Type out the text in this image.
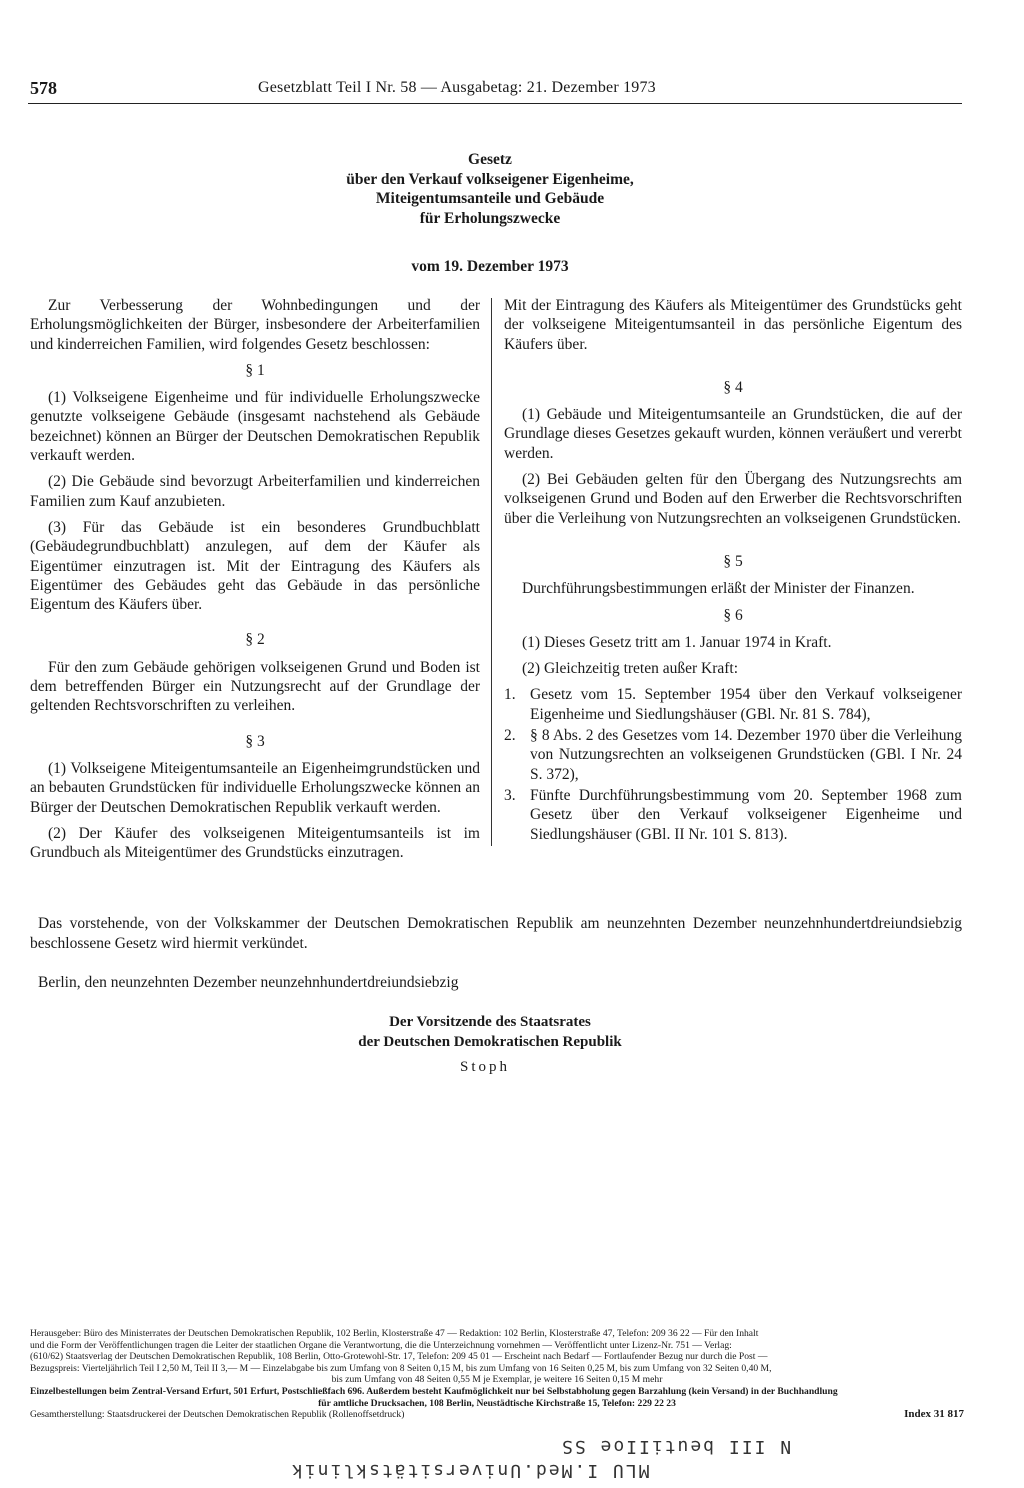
578	Gesetzblatt Teil I Nr. 58 — Ausgabetag: 21. Dezember 1973
Gesetz
über den Verkauf volkseigener Eigenheime,
Miteigentumsanteile und Gebäude
für Erholungszwecke
vom 19. Dezember 1973

Zur Verbesserung der Wohnbedingungen und der Erholungsmöglichkeiten der Bürger, insbesondere der Arbeiterfamilien und kinderreichen Familien, wird folgendes Gesetz beschlossen:

§ 1

(1) Volkseigene Eigenheime und für individuelle Erholungszwecke genutzte volkseigene Gebäude (insgesamt nachstehend als Gebäude bezeichnet) können an Bürger der Deutschen Demokratischen Republik verkauft werden.

(2) Die Gebäude sind bevorzugt Arbeiterfamilien und kinderreichen Familien zum Kauf anzubieten.

(3) Für das Gebäude ist ein besonderes Grundbuchblatt (Gebäudegrundbuchblatt) anzulegen, auf dem der Käufer als Eigentümer einzutragen ist. Mit der Eintragung des Käufers als Eigentümer des Gebäudes geht das Gebäude in das persönliche Eigentum des Käufers über.

§ 2

Für den zum Gebäude gehörigen volkseigenen Grund und Boden ist dem betreffenden Bürger ein Nutzungsrecht auf der Grundlage der geltenden Rechtsvorschriften zu verleihen.

§ 3

(1) Volkseigene Miteigentumsanteile an Eigenheimgrundstücken und an bebauten Grundstücken für individuelle Erholungszwecke können an Bürger der Deutschen Demokratischen Republik verkauft werden.

(2) Der Käufer des volkseigenen Miteigentumsanteils ist im Grundbuch als Miteigentümer des Grundstücks einzutragen.

Mit der Eintragung des Käufers als Miteigentümer des Grundstücks geht der volkseigene Miteigentumsanteil in das persönliche Eigentum des Käufers über.

§ 4

(1) Gebäude und Miteigentumsanteile an Grundstücken, die auf der Grundlage dieses Gesetzes gekauft wurden, können veräußert und vererbt werden.

(2) Bei Gebäuden gelten für den Übergang des Nutzungsrechts am volkseigenen Grund und Boden auf den Erwerber die Rechtsvorschriften über die Verleihung von Nutzungsrechten an volkseigenen Grundstücken.

§ 5

Durchführungsbestimmungen erläßt der Minister der Finanzen.

§ 6

(1) Dieses Gesetz tritt am 1. Januar 1974 in Kraft.

(2) Gleichzeitig treten außer Kraft:

1. Gesetz vom 15. September 1954 über den Verkauf volkseigener Eigenheime und Siedlungshäuser (GBl. Nr. 81 S. 784),
2. § 8 Abs. 2 des Gesetzes vom 14. Dezember 1970 über die Verleihung von Nutzungsrechten an volkseigenen Grundstücken (GBl. I Nr. 24 S. 372),
3. Fünfte Durchführungsbestimmung vom 20. September 1968 zum Gesetz über den Verkauf volkseigener Eigenheime und Siedlungshäuser (GBl. II Nr. 101 S. 813).

Das vorstehende, von der Volkskammer der Deutschen Demokratischen Republik am neunzehnten Dezember neunzehnhundertdreiundsiebzig beschlossene Gesetz wird hiermit verkündet.

Berlin, den neunzehnten Dezember neunzehnhundertdreiundsiebzig
Der Vorsitzende des Staatsrates
der Deutschen Demokratischen Republik
Stoph
Herausgeber: Büro des Ministerrates der Deutschen Demokratischen Republik, 102 Berlin, Klosterstraße 47 — Redaktion: 102 Berlin, Klosterstraße 47, Telefon: 209 36 22 — Für den Inhalt
und die Form der Veröffentlichungen tragen die Leiter der staatlichen Organe die Verantwortung, die die Unterzeichnung vornehmen — Veröffentlicht unter Lizenz-Nr. 751 — Verlag:
(610/62) Staatsverlag der Deutschen Demokratischen Republik, 108 Berlin, Otto-Grotewohl-Str. 17, Telefon: 209 45 01 — Erscheint nach Bedarf — Fortlaufender Bezug nur durch die Post —
Bezugspreis: Vierteljährlich Teil I 2,50 M, Teil II 3,— M — Einzelabgabe bis zum Umfang von 8 Seiten 0,15 M, bis zum Umfang von 16 Seiten 0,25 M, bis zum Umfang von 32 Seiten 0,40 M,
bis zum Umfang von 48 Seiten 0,55 M je Exemplar, je weitere 16 Seiten 0,15 M mehr
Einzelbestellungen beim Zentral-Versand Erfurt, 501 Erfurt, Postschließfach 696. Außerdem besteht Kaufmöglichkeit nur bei Selbstabholung gegen Barzahlung (kein Versand) in der Buchhandlung
für amtliche Drucksachen, 108 Berlin, Neustädtische Kirchstraße 15, Telefon: 229 22 23
Gesamtherstellung: Staatsdruckerei der Deutschen Demokratischen Republik (Rollenoffsetdruck)	Index 31 817
N III beutiIIoe SS
MLU I.Med.Universitätsklinik
